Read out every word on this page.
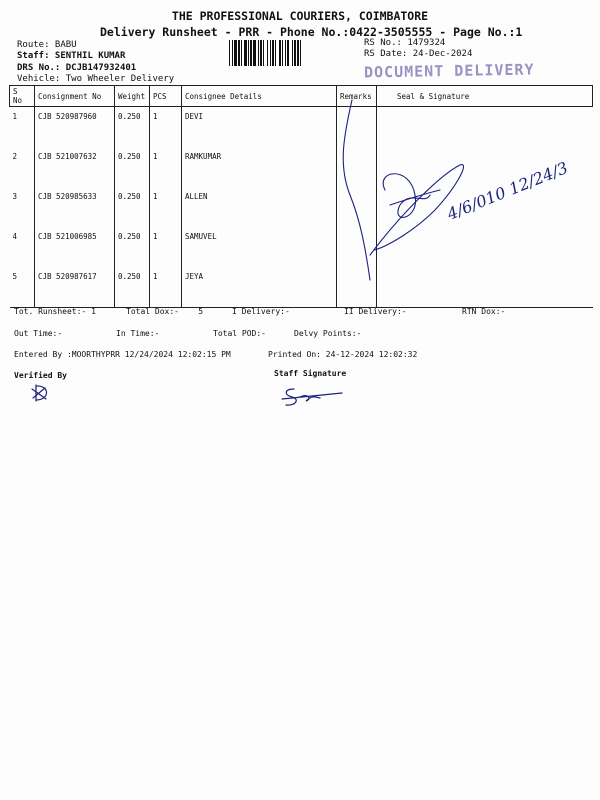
THE PROFESSIONAL COURIERS, COIMBATORE
Delivery Runsheet - PRR - Phone No.:0422-3505555 - Page No.:1
Route: BABU
Staff: SENTHIL KUMAR
DRS No.: DCJB147932401
Vehicle: Two Wheeler Delivery
RS No.: 1479324
RS Date: 24-Dec-2024
DOCUMENT DELIVERY
S No	Consignment No	Weight	PCS	Consignee Details	Remarks	Seal & Signature
1	CJB 520987960	0.250	1	DEVI		
2	CJB 521007632	0.250	1	RAMKUMAR		
3	CJB 520985633	0.250	1	ALLEN		
4	CJB 521006985	0.250	1	SAMUVEL		
5	CJB 520987617	0.250	1	JEYA		
4/6/010 12/24/3
Tot. Runsheet:- 1	Total Dox:-    5	I Delivery:-	II Delivery:-	RTN Dox:-
Out Time:-	In Time:-	Total POD:-	Delvy Points:-
Entered By :MOORTHYPRR 12/24/2024 12:02:15 PM	Printed On: 24-12-2024 12:02:32
Verified By	Staff Signature
